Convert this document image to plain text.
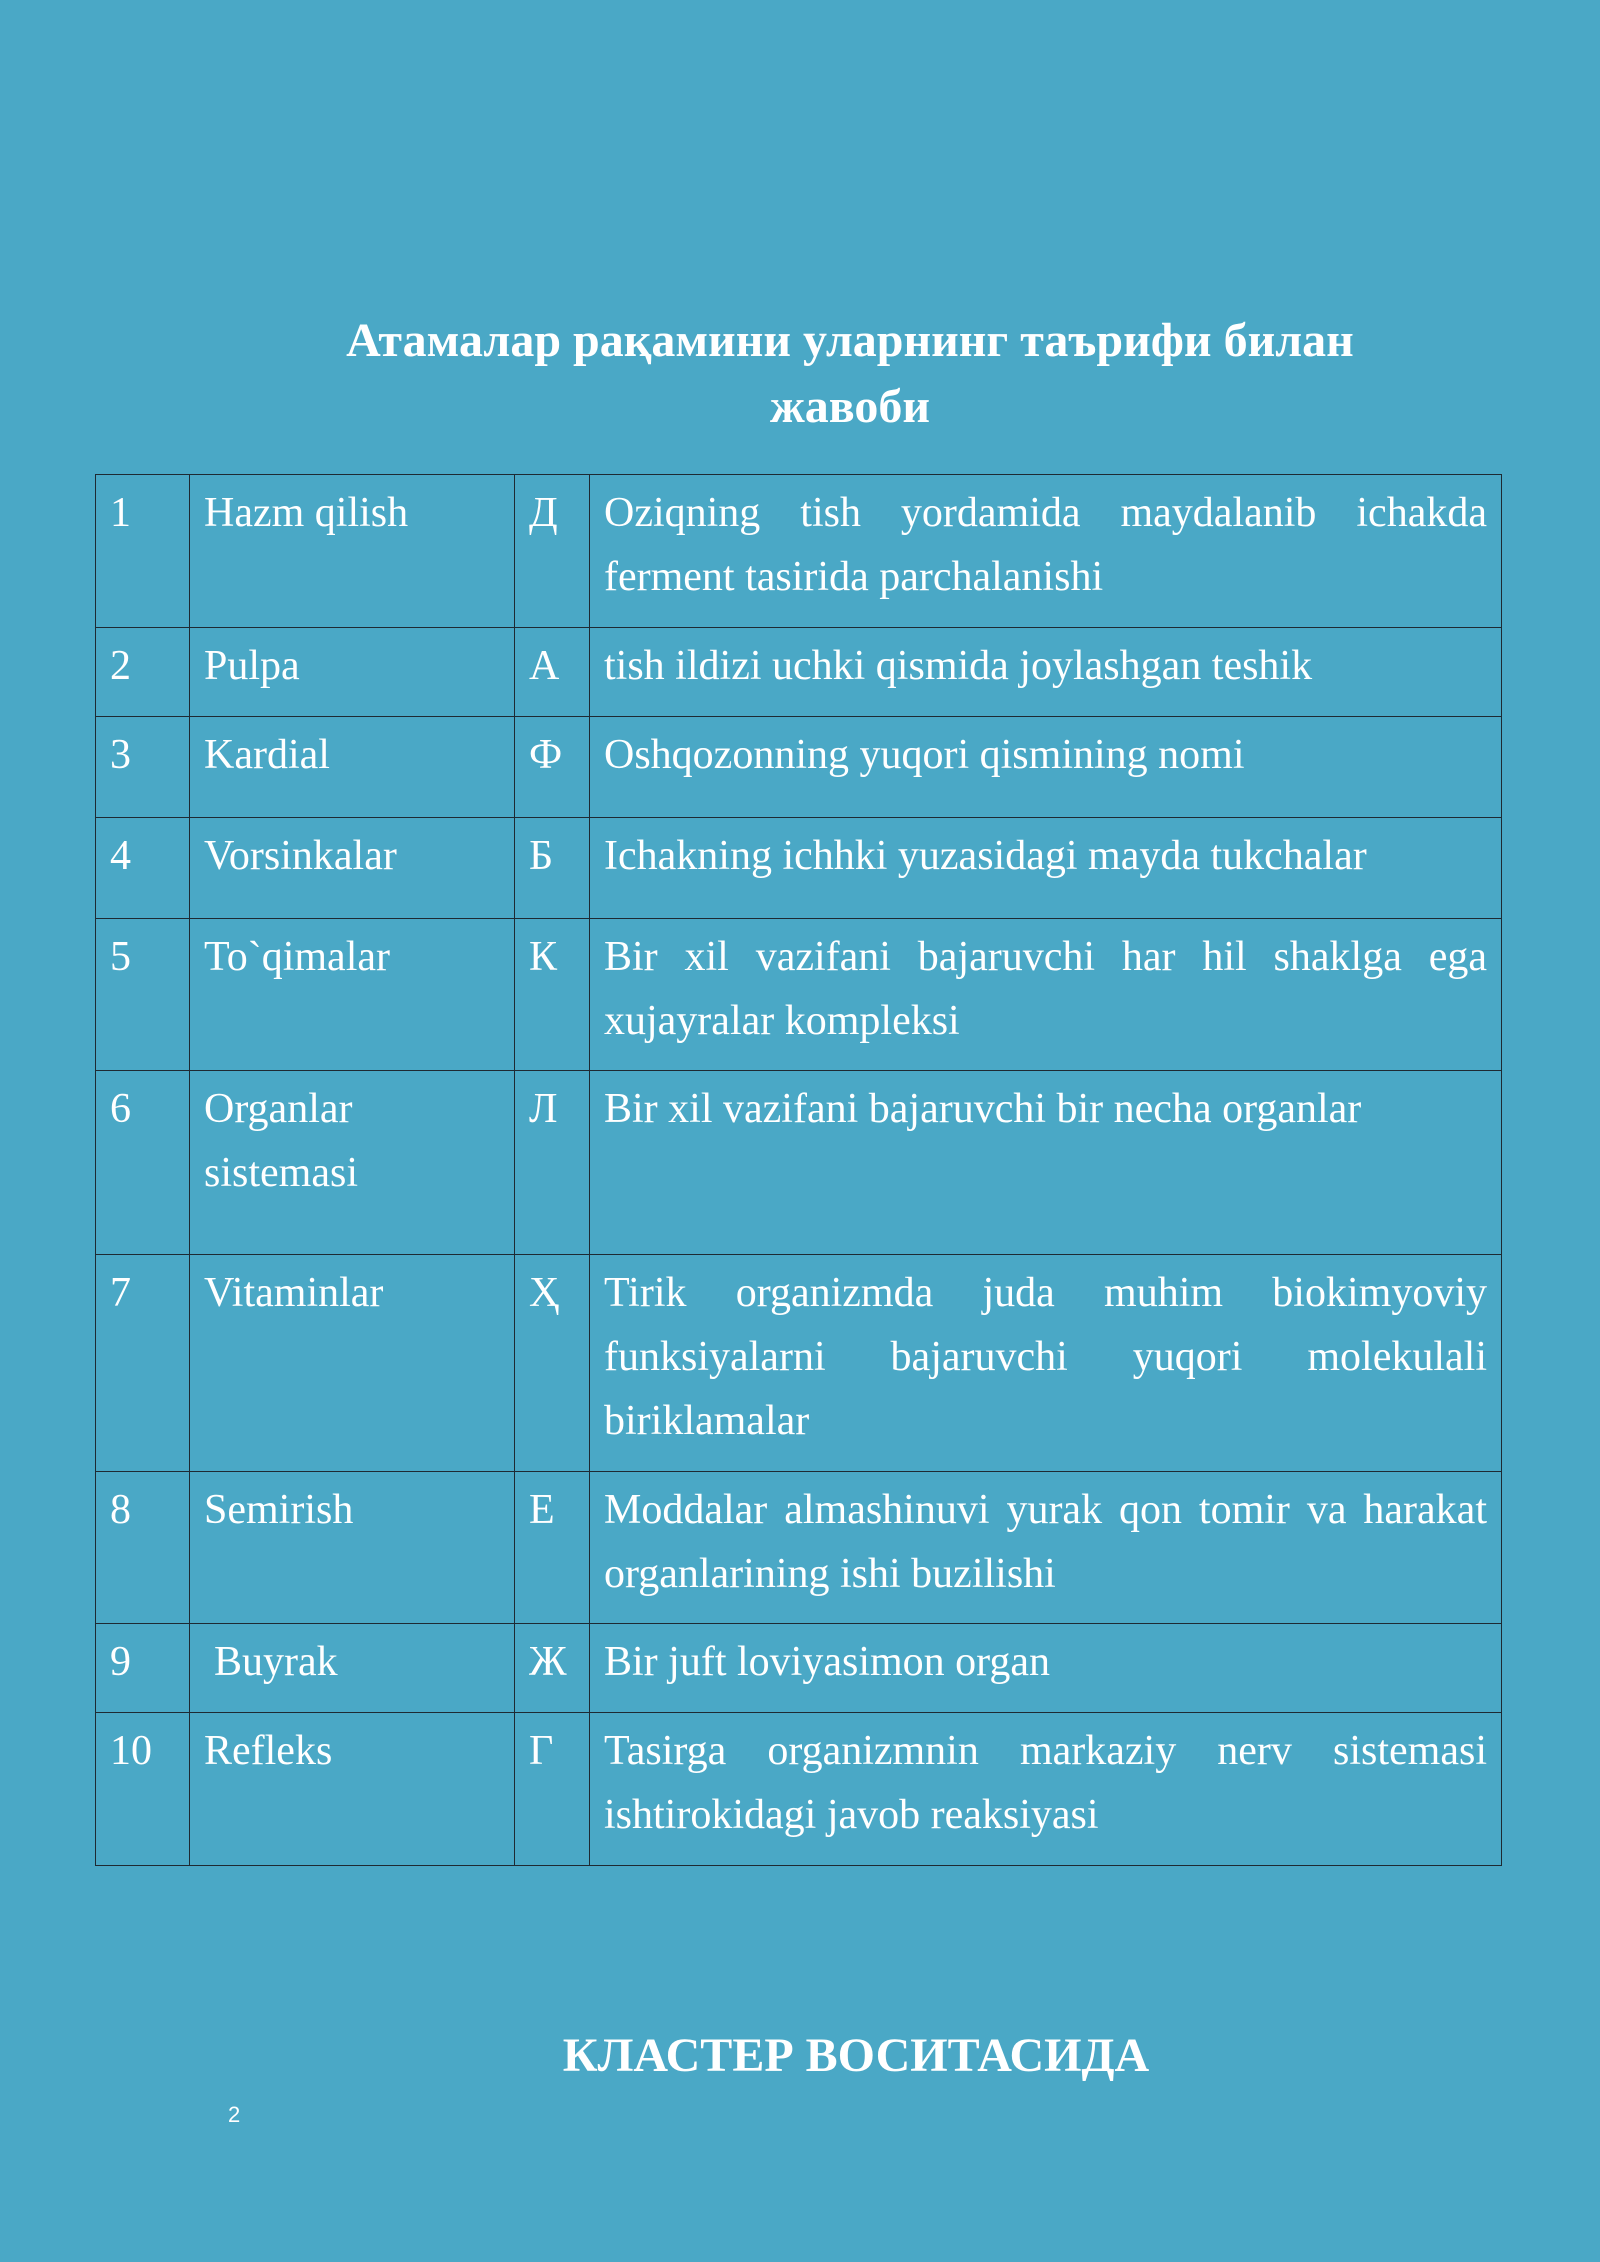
Атамалар рақамини уларнинг таърифи билан
жавоби
1	Hazm qilish	Д	Oziqning tish yordamida maydalanib ichakda ferment tasirida parchalanishi
2	Pulpa	А	tish ildizi uchki qismida joylashgan teshik
3	Kardial	Ф	Oshqozonning yuqori qismining nomi
4	Vorsinkalar	Б	Ichakning ichhki yuzasidagi mayda tukchalar
5	To`qimalar	К	Bir xil vazifani bajaruvchi har hil shaklga ega xujayralar kompleksi
6	Organlar sistemasi	Л	Bir xil vazifani bajaruvchi bir necha organlar
7	Vitaminlar	Ҳ	Tirik organizmda juda muhim biokimyoviy funksiyalarni bajaruvchi yuqori molekulali biriklamalar
8	Semirish	Е	Moddalar almashinuvi yurak qon tomir va harakat organlarining ishi buzilishi
9	Buyrak	Ж	Bir juft loviyasimon organ
10	Refleks	Г	Tasirga organizmnin markaziy nerv sistemasi ishtirokidagi javob reaksiyasi
КЛАСТЕР ВОСИТАСИДА
2
